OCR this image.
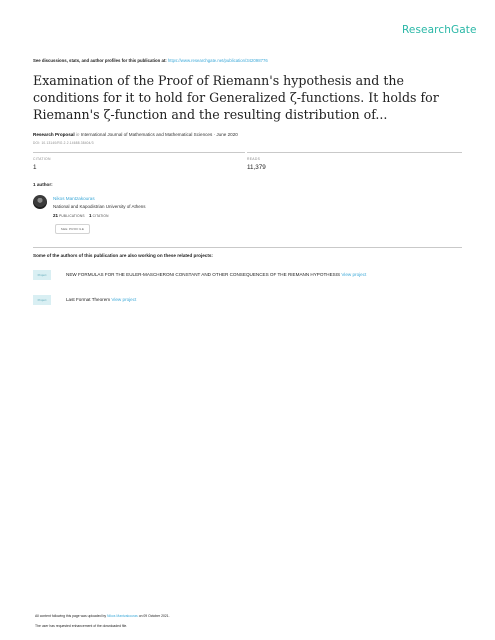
ResearchGate
See discussions, stats, and author profiles for this publication at: https://www.researchgate.net/publication/342098776
Examination of the Proof of Riemann's hypothesis and the conditions for it to hold for Generalized ζ-functions. It holds for Riemann's ζ-function and the resulting distribution of...
Research Proposal in International Journal of Mathematics and Mathematical Sciences · June 2020
DOI: 10.13140/RG.2.2.14688.38404/3
CITATION
1
READS
11,379
1 author:
Nikos Mantzakouras
National and Kapodistrian University of Athens
21 PUBLICATIONS 1 CITATION
SEE PROFILE
Some of the authors of this publication are also working on these related projects:
Project	NEW FORMULAS FOR THE EULER-MASCHERONI CONSTANT AND OTHER CONSEQUENCES OF THE RIEMANN HYPOTHESIS View project
Project	Last Format Theorem View project
All content following this page was uploaded by Nikos Mantzakouras on 09 October 2021.
The user has requested enhancement of the downloaded file.
